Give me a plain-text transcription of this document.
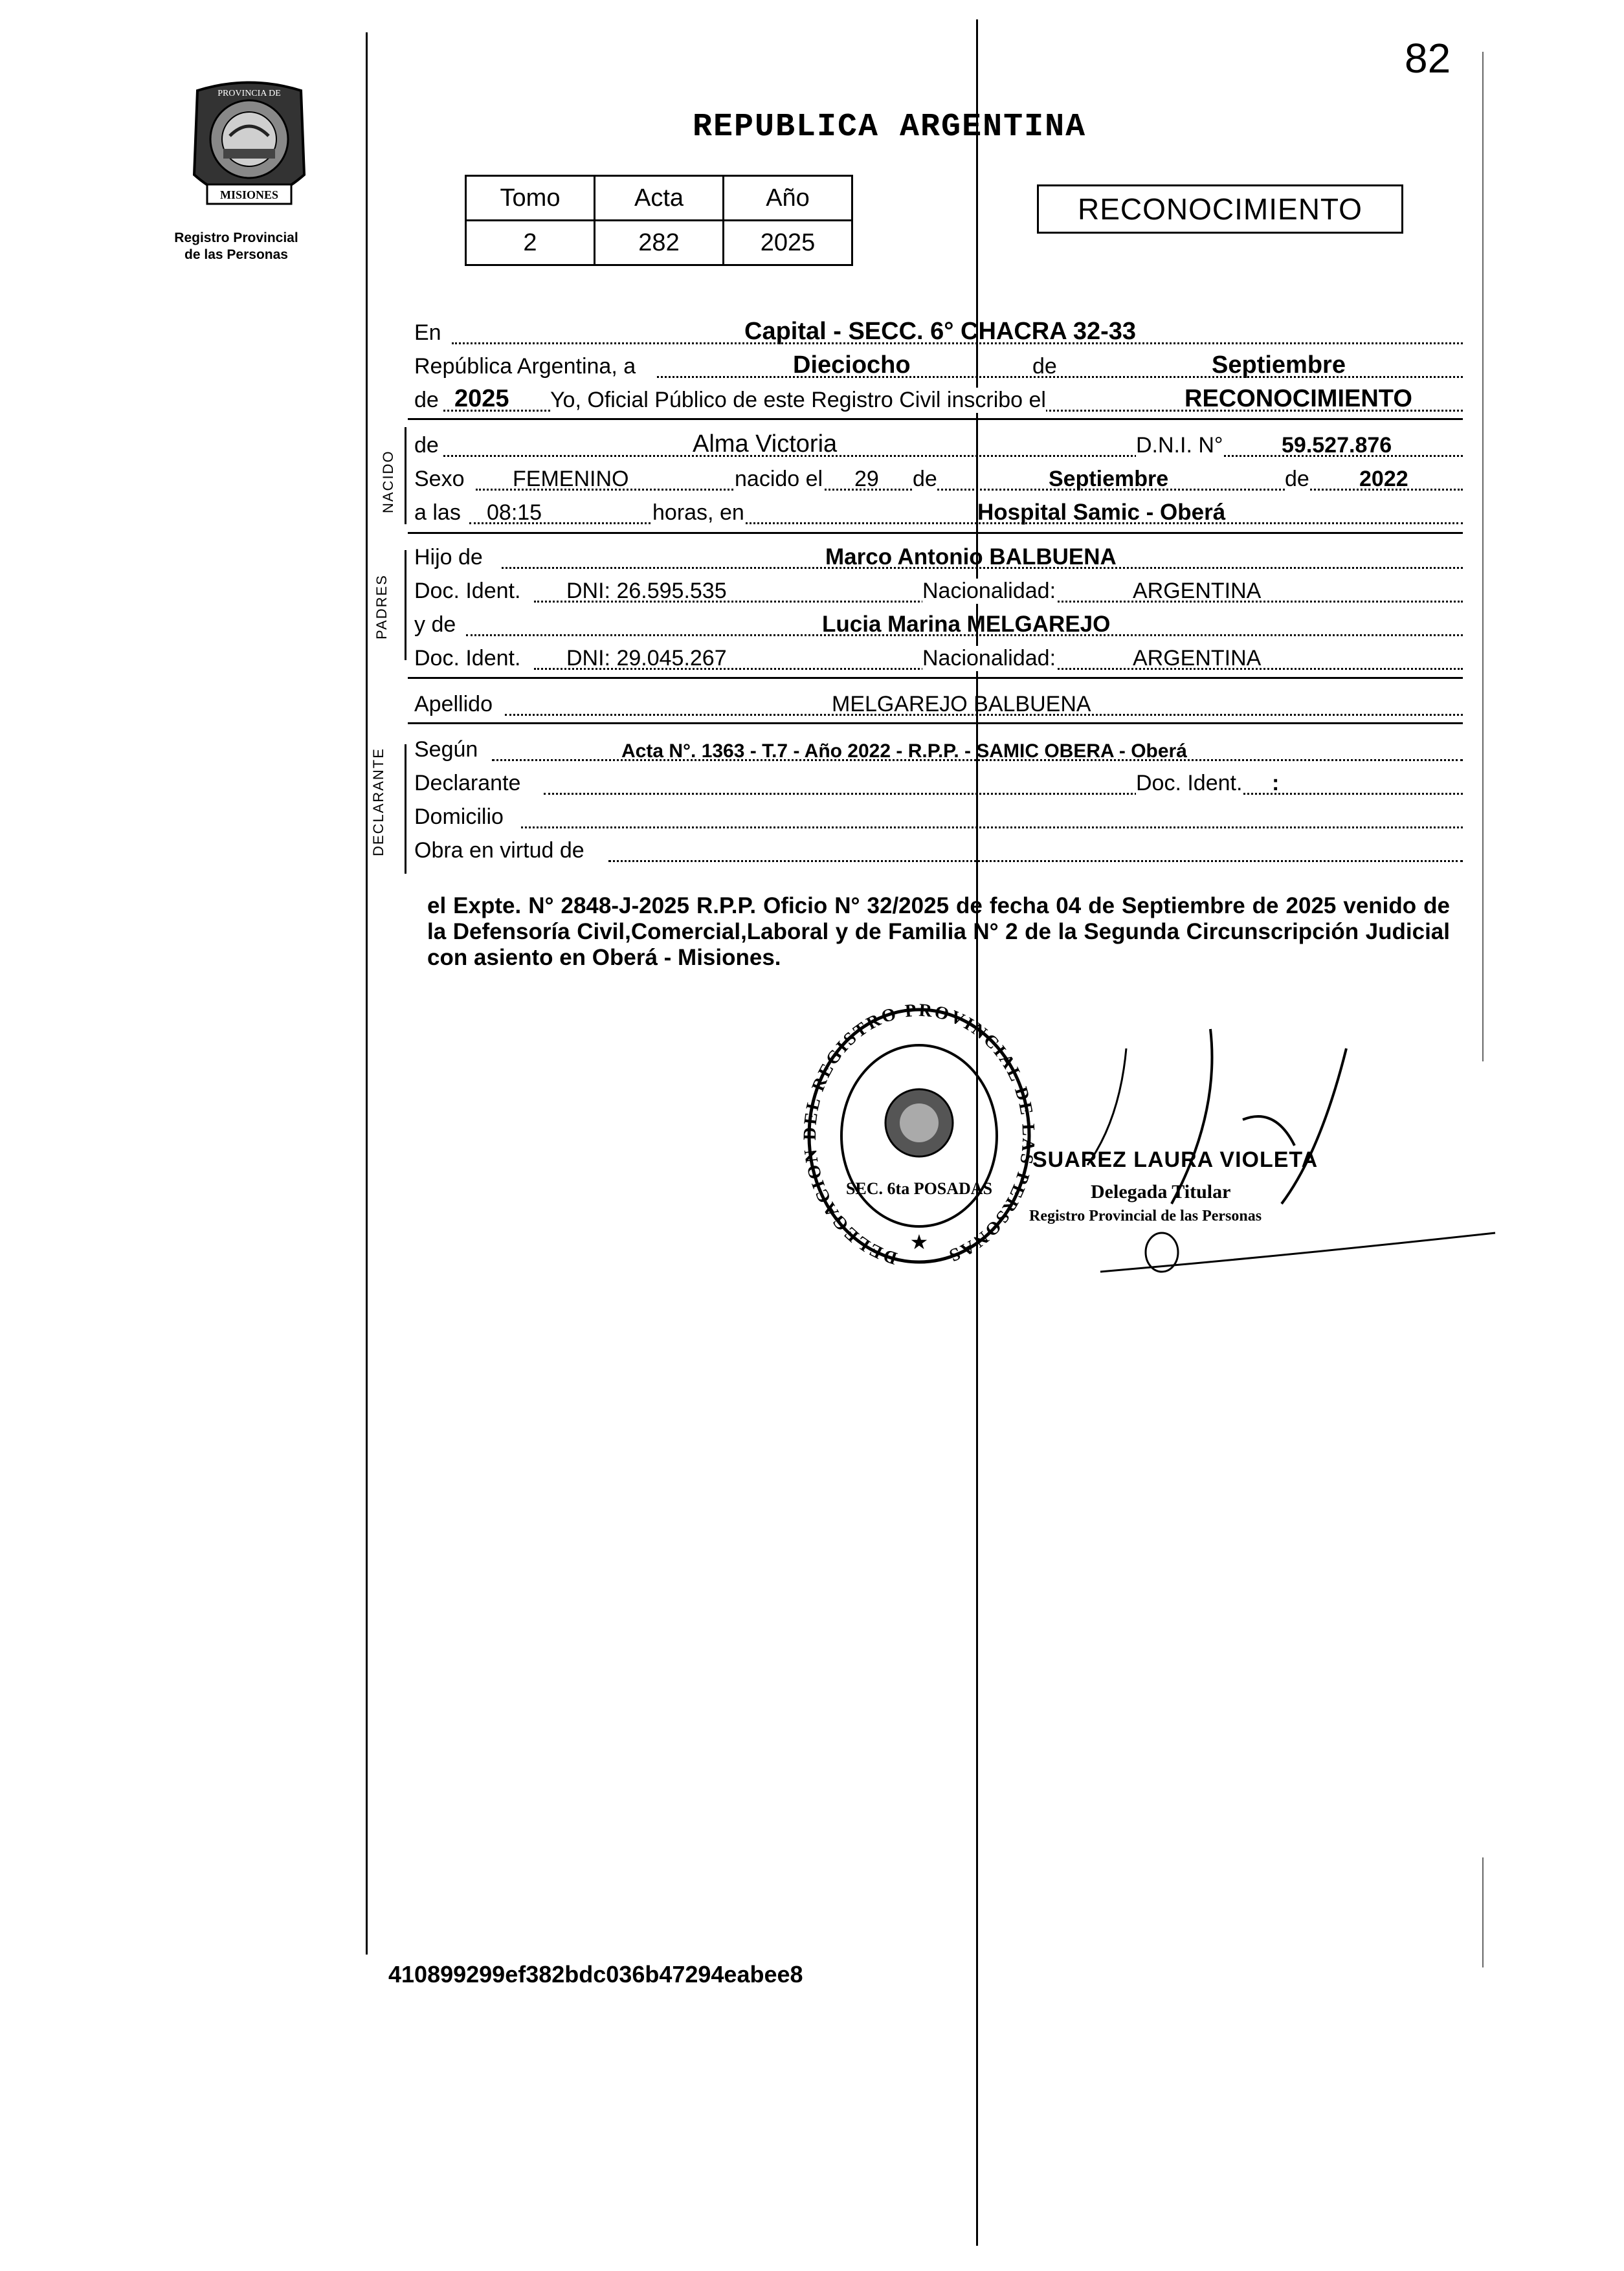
82
MISIONES
PROVINCIA DE
Registro Provincial
de las Personas
REPUBLICA ARGENTINA
Tomo	Acta	Año
2	282	2025
RECONOCIMIENTO
NACIDO
PADRES
DECLARANTE
En	Capital - SECC. 6° CHACRA 32-33
República Argentina, a	Dieciocho	de	Septiembre
de 2025 Yo, Oficial Público de este Registro Civil inscribo el	RECONOCIMIENTO
de	Alma Victoria	D.N.I. N°	59.527.876
Sexo FEMENINO	nacido el 29 de	Septiembre	de 2022
a las 08:15	horas, en	Hospital Samic - Oberá
Hijo de	Marco Antonio BALBUENA
Doc. Ident. DNI: 26.595.535	Nacionalidad:	ARGENTINA
y de	Lucia Marina MELGAREJO
Doc. Ident. DNI: 29.045.267	Nacionalidad:	ARGENTINA
Apellido	MELGAREJO BALBUENA
Según	Acta N°. 1363 - T.7 - Año 2022 - R.P.P. - SAMIC OBERA - Oberá
Declarante	Doc. Ident. :
Domicilio
Obra en virtud de
el Expte. N° 2848-J-2025 R.P.P. Oficio N° 32/2025 de fecha 04 de Septiembre de 2025 venido de la Defensoría Civil,Comercial,Laboral y de Familia N° 2 de la Segunda Circunscripción Judicial con asiento en Oberá - Misiones.
DELEGACION L REGISTRO PROVINCIAL DE S PERSONAS
SEC. 6ta POSADAS
★
SUAREZ LAURA VIOLETA
Delegada Titular
Registro Provincial de las Personas
410899299ef382bdc036b47294eabee8
